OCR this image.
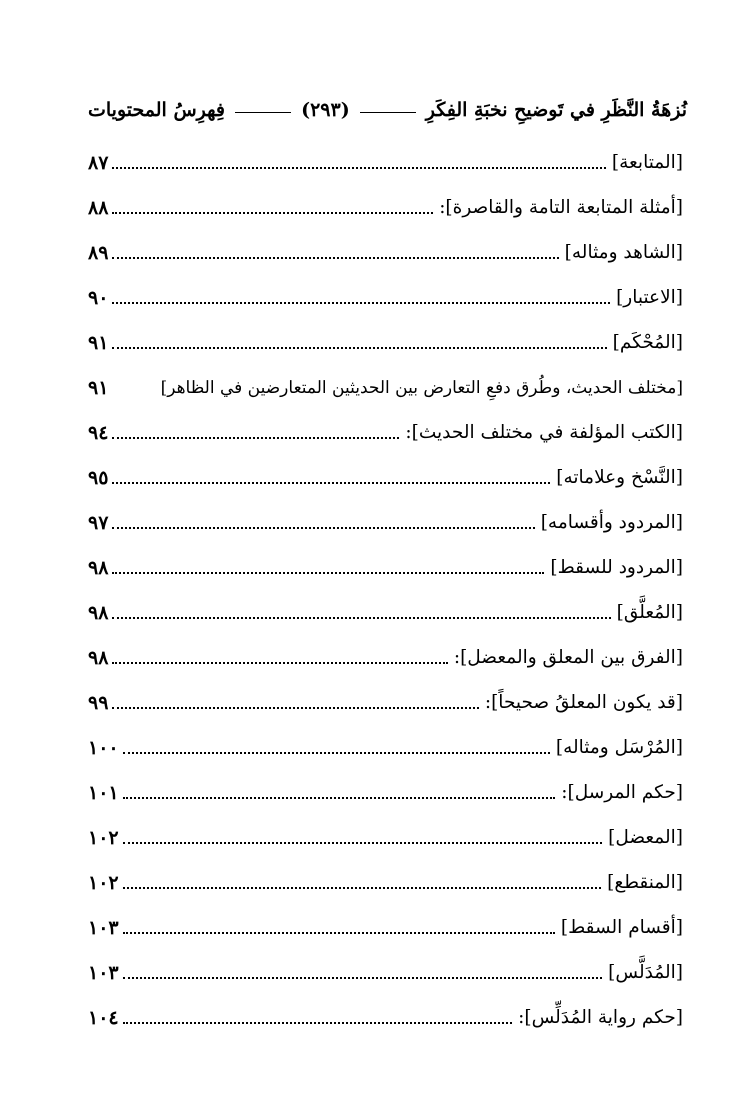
نُزهَةُ النَّظَرِ في تَوضيحِ نخبَةِ الفِكَرِ
(٢٩٣)
فِهرِسُ المحتويات
[المتابعة]
٨٧
[أمثلة المتابعة التامة والقاصرة]:
٨٨
[الشاهد ومثاله]
٨٩
[الاعتبار]
٩٠
[المُحْكَم]
٩١
[مختلف الحديث، وطُرق دفعِ التعارض بين الحديثين المتعارضين في الظاهر]
٩١
[الكتب المؤلفة في مختلف الحديث]:
٩٤
[النَّسْخ وعلاماته]
٩٥
[المردود وأقسامه]
٩٧
[المردود للسقط]
٩٨
[المُعلَّق]
٩٨
[الفرق بين المعلق والمعضل]:
٩٨
[قد يكون المعلقُ صحيحاً]:
٩٩
[المُرْسَل ومثاله]
١٠٠
[حكم المرسل]:
١٠١
[المعضل]
١٠٢
[المنقطع]
١٠٢
[أقسام السقط]
١٠٣
[المُدَلَّس]
١٠٣
[حكم رواية المُدَلِّس]:
١٠٤
